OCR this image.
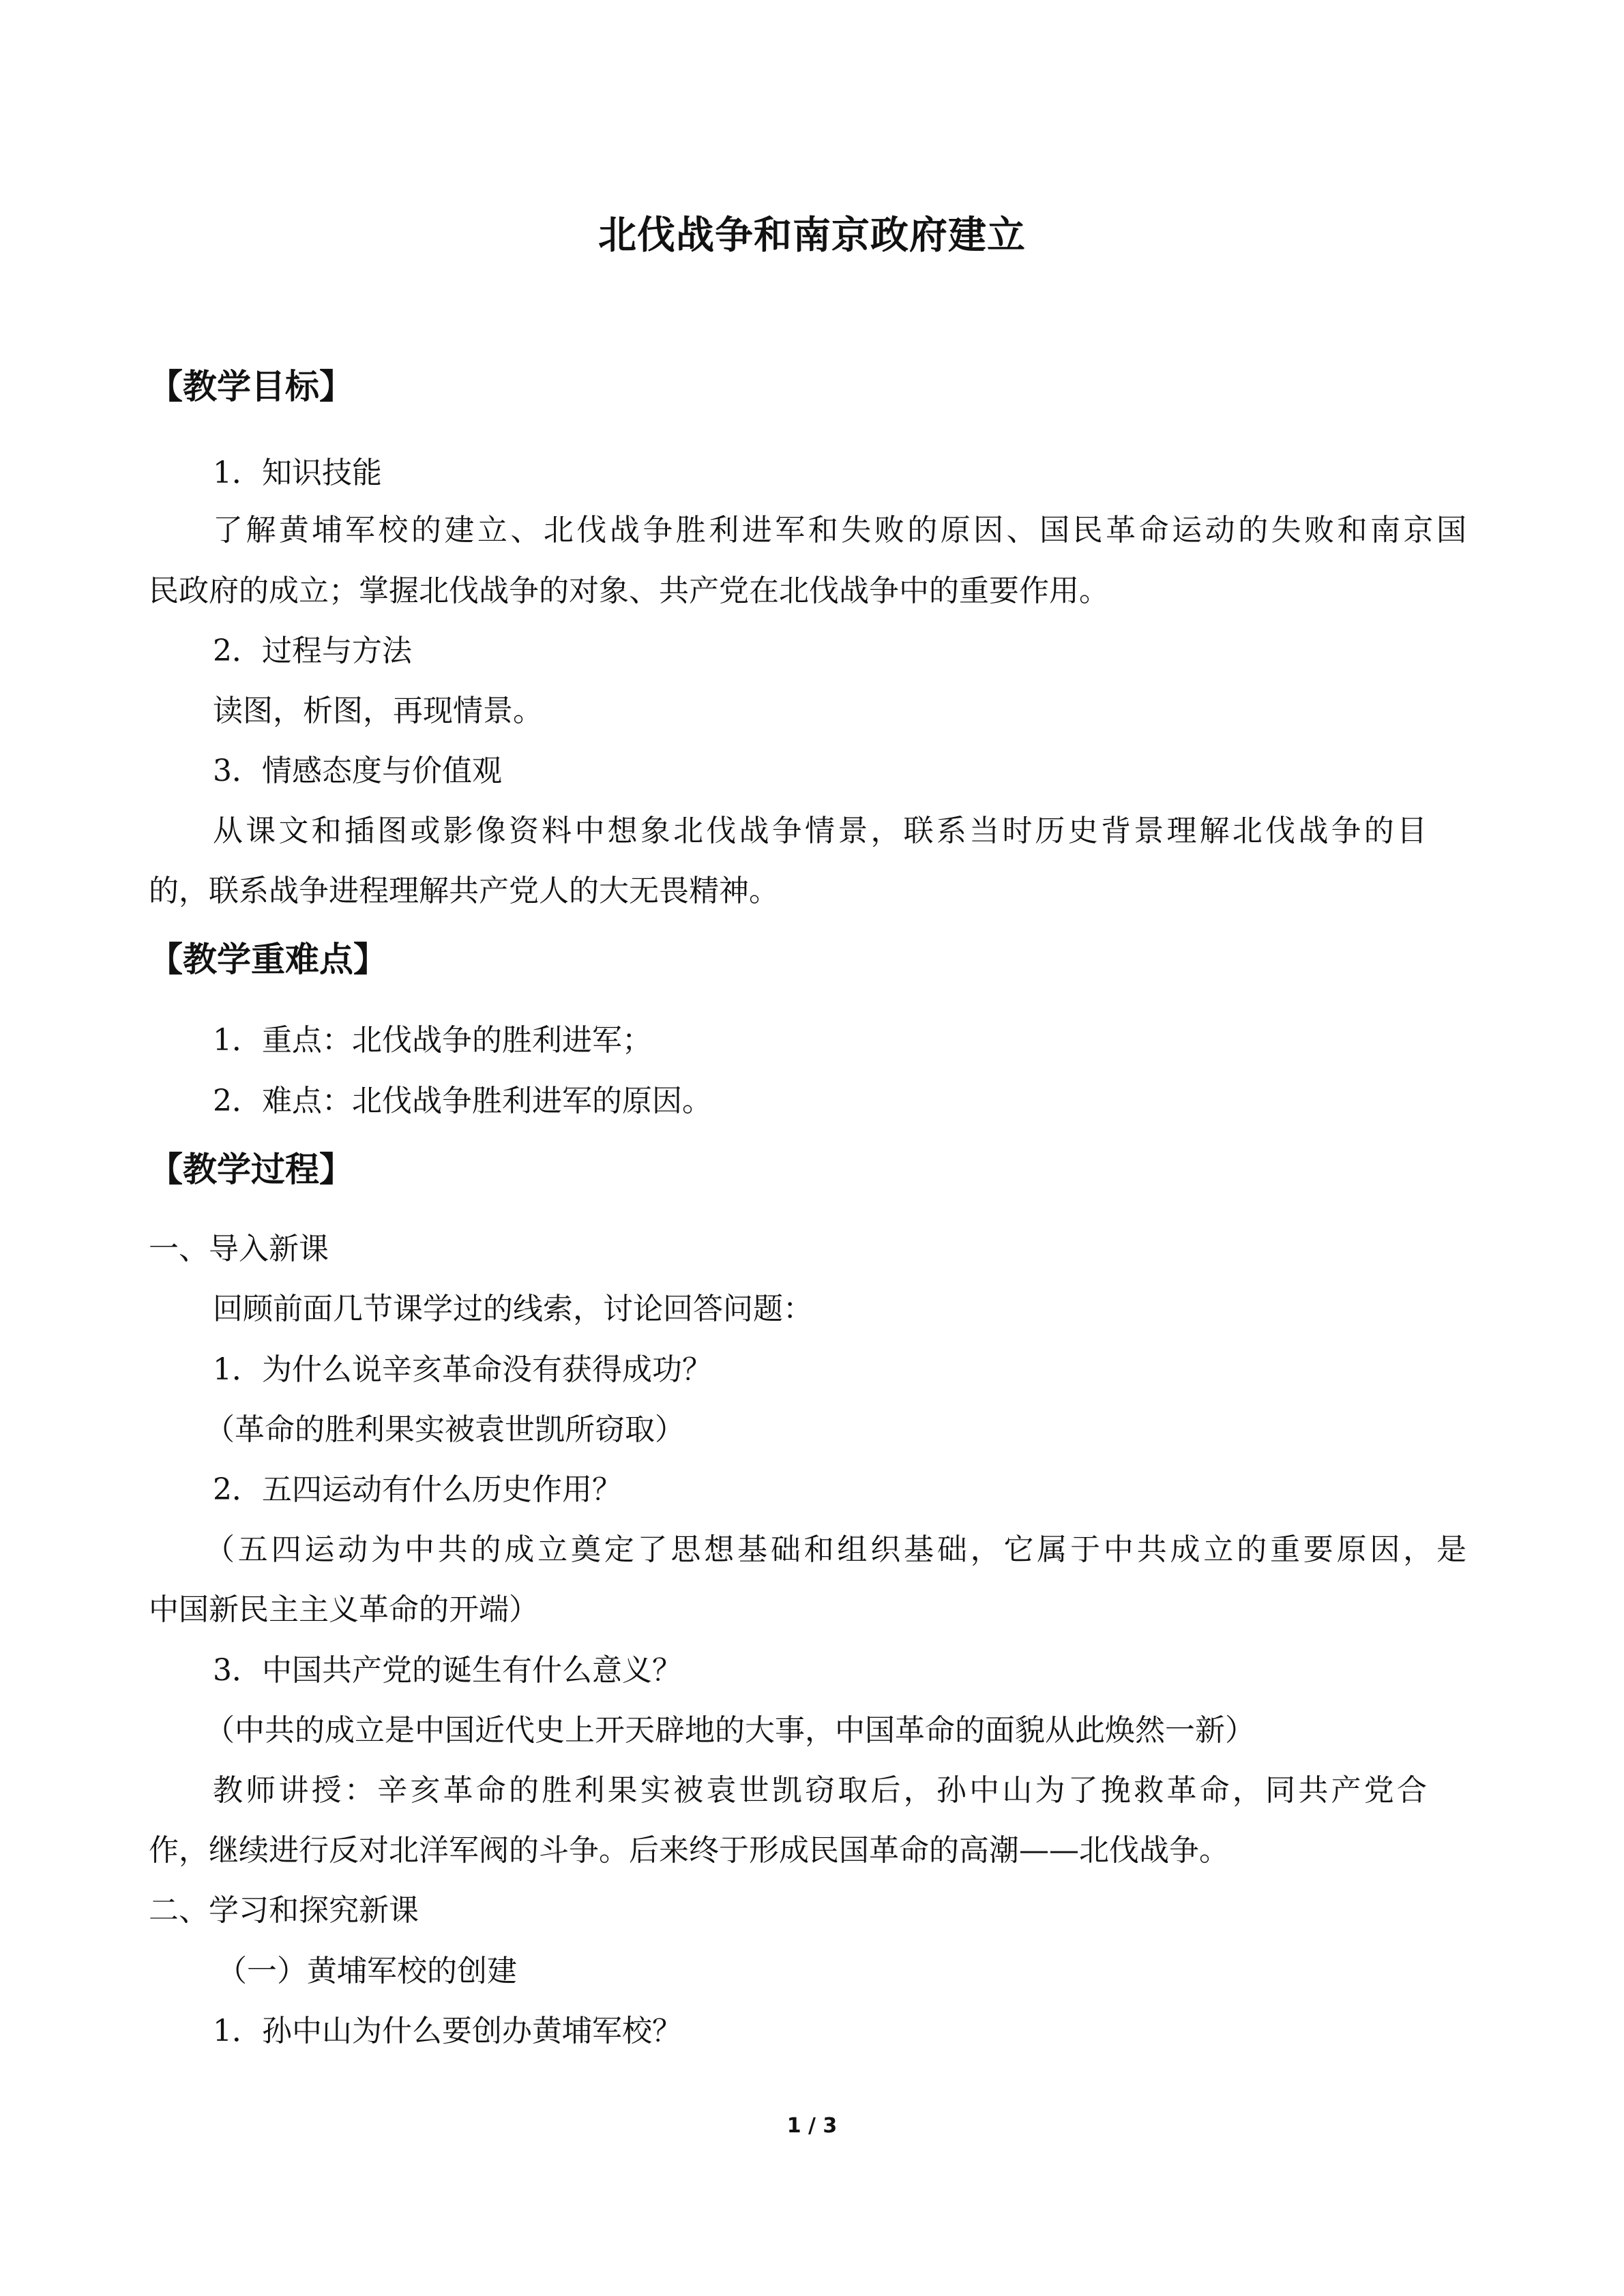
北伐战争和南京政府建立
【教学目标】
1．知识技能
了解黄埔军校的建立、北伐战争胜利进军和失败的原因、国民革命运动的失败和南京国
民政府的成立；掌握北伐战争的对象、共产党在北伐战争中的重要作用。
2．过程与方法
读图，析图，再现情景。
3．情感态度与价值观
从课文和插图或影像资料中想象北伐战争情景，联系当时历史背景理解北伐战争的目
的，联系战争进程理解共产党人的大无畏精神。
【教学重难点】
1．重点：北伐战争的胜利进军；
2．难点：北伐战争胜利进军的原因。
【教学过程】
一、导入新课
回顾前面几节课学过的线索，讨论回答问题：
1．为什么说辛亥革命没有获得成功？
（革命的胜利果实被袁世凯所窃取）
2．五四运动有什么历史作用？
（五四运动为中共的成立奠定了思想基础和组织基础，它属于中共成立的重要原因，是
中国新民主主义革命的开端）
3．中国共产党的诞生有什么意义？
（中共的成立是中国近代史上开天辟地的大事，中国革命的面貌从此焕然一新）
教师讲授：辛亥革命的胜利果实被袁世凯窃取后，孙中山为了挽救革命，同共产党合
作，继续进行反对北洋军阀的斗争。后来终于形成民国革命的高潮——北伐战争。
二、学习和探究新课
（一）黄埔军校的创建
1．孙中山为什么要创办黄埔军校？
1 / 3
